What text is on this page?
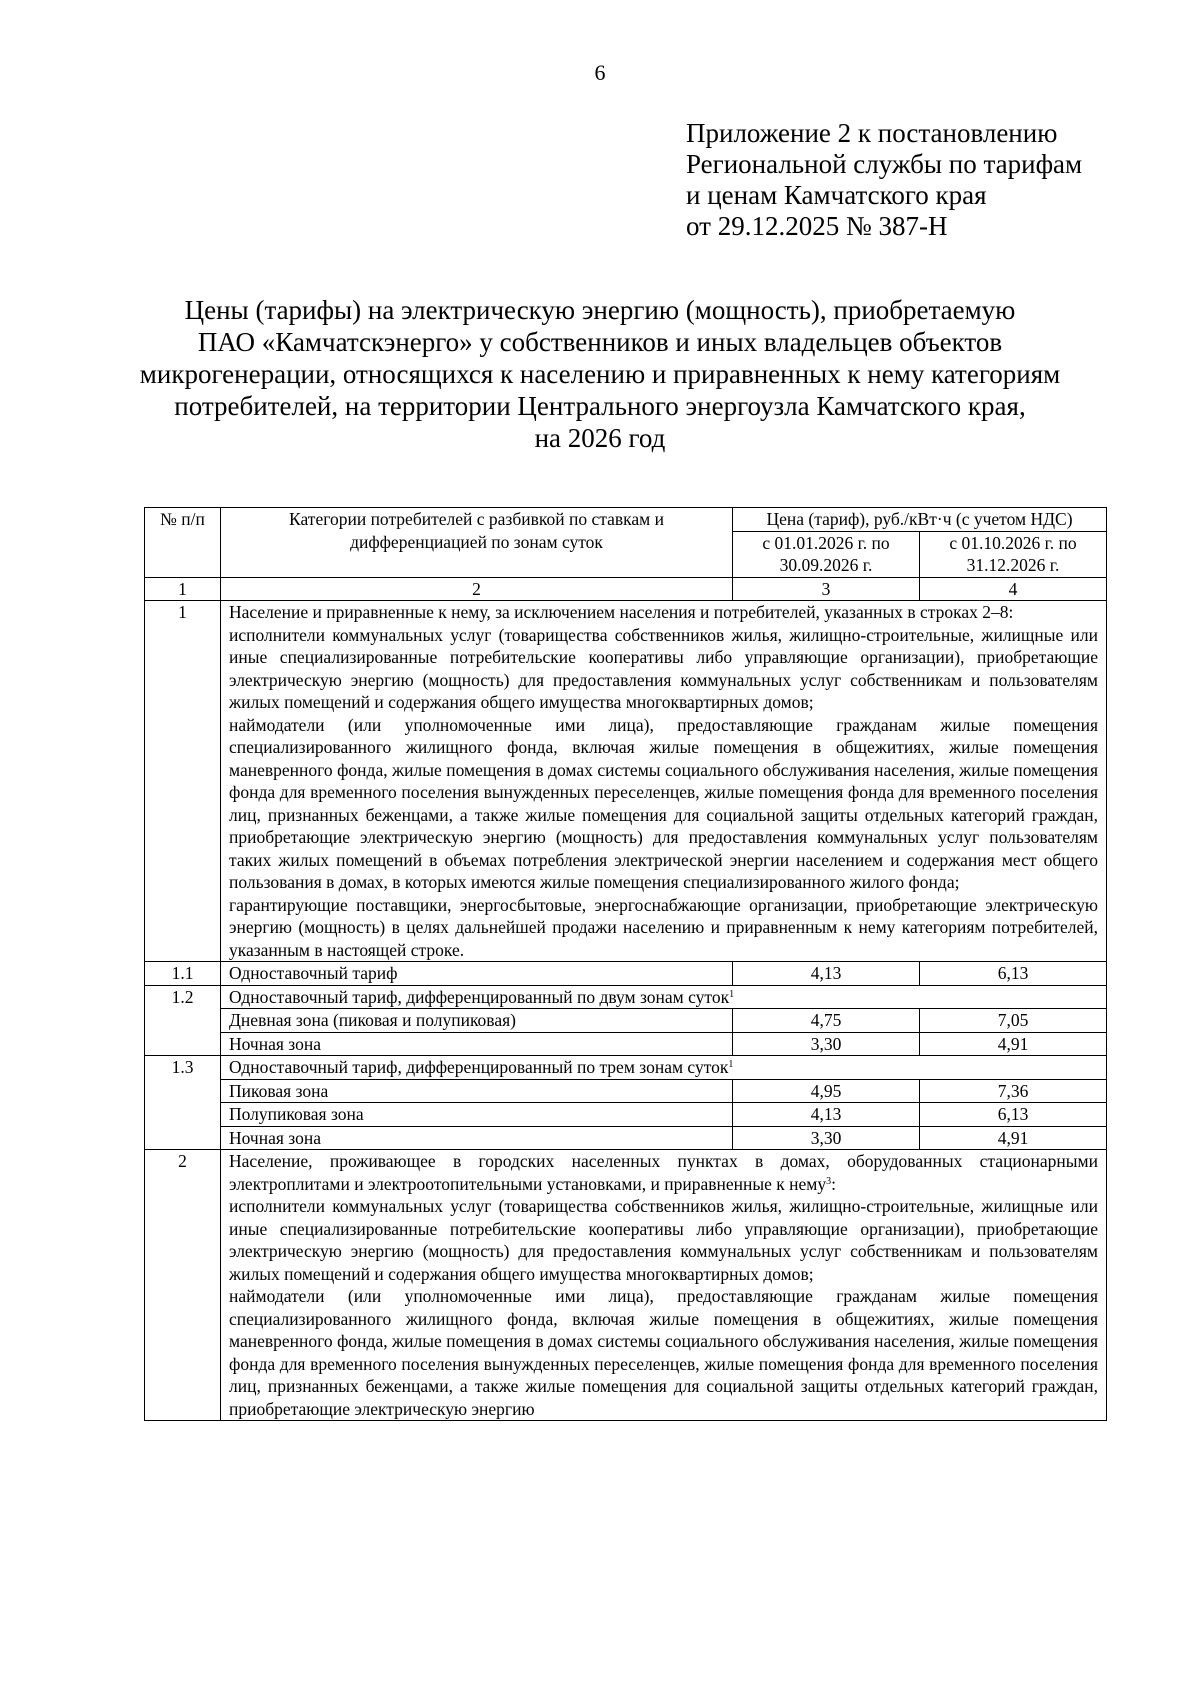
6
Приложение 2 к постановлению
Региональной службы по тарифам
и ценам Камчатского края
от 29.12.2025 № 387-Н
Цены (тарифы) на электрическую энергию (мощность), приобретаемую
ПАО «Камчатскэнерго» у собственников и иных владельцев объектов
микрогенерации, относящихся к населению и приравненных к нему категориям
потребителей, на территории Центрального энергоузла Камчатского края,
на 2026 год
№ п/п	Категории потребителей с разбивкой по ставкам и дифференциацией по зонам суток	Цена (тариф), руб./кВт·ч (с учетом НДС)	
		с 01.01.2026 г. по 30.09.2026 г.	с 01.10.2026 г. по 31.12.2026 г.
1	2	3	4
1	Население и приравненные к нему, за исключением населения и потребителей, указанных в строках 2–8:
исполнители коммунальных услуг (товарищества собственников жилья, жилищно-строительные, жилищные или иные специализированные потребительские кооперативы либо управляющие организации), приобретающие электрическую энергию (мощность) для предоставления коммунальных услуг собственникам и пользователям жилых помещений и содержания общего имущества многоквартирных домов;
наймодатели (или уполномоченные ими лица), предоставляющие гражданам жилые помещения специализированного жилищного фонда, включая жилые помещения в общежитиях, жилые помещения маневренного фонда, жилые помещения в домах системы социального обслуживания населения, жилые помещения фонда для временного поселения вынужденных переселенцев, жилые помещения фонда для временного поселения лиц, признанных беженцами, а также жилые помещения для социальной защиты отдельных категорий граждан, приобретающие электрическую энергию (мощность) для предоставления коммунальных услуг пользователям таких жилых помещений в объемах потребления электрической энергии населением и содержания мест общего пользования в домах, в которых имеются жилые помещения специализированного жилого фонда;
гарантирующие поставщики, энергосбытовые, энергоснабжающие организации, приобретающие электрическую энергию (мощность) в целях дальнейшей продажи населению и приравненным к нему категориям потребителей, указанным в настоящей строке.		

1.1	Одноставочный тариф	4,13	6,13
1.2	Одноставочный тариф, дифференцированный по двум зонам суток$^1$
	Дневная зона (пиковая и полупиковая)	4,75	7,05
	Ночная зона	3,30	4,91
1.3	Одноставочный тариф, дифференцированный по трем зонам суток$^1$
	Пиковая зона	4,95	7,36
	Полупиковая зона	4,13	6,13
	Ночная зона	3,30	4,91
2	Население, проживающее в городских населенных пунктах в домах, оборудованных стационарными электроплитами и электроотопительными установками, и приравненные к нему$^3$:
исполнители коммунальных услуг (товарищества собственников жилья, жилищно-строительные, жилищные или иные специализированные потребительские кооперативы либо управляющие организации), приобретающие электрическую энергию (мощность) для предоставления коммунальных услуг собственникам и пользователям жилых помещений и содержания общего имущества многоквартирных домов;
наймодатели (или уполномоченные ими лица), предоставляющие гражданам жилые помещения специализированного жилищного фонда, включая жилые помещения в общежитиях, жилые помещения маневренного фонда, жилые помещения в домах системы социального обслуживания населения, жилые помещения фонда для временного поселения вынужденных переселенцев, жилые помещения фонда для временного поселения лиц, признанных беженцами, а также жилые помещения для социальной защиты отдельных категорий граждан, приобретающие электрическую энергию		
